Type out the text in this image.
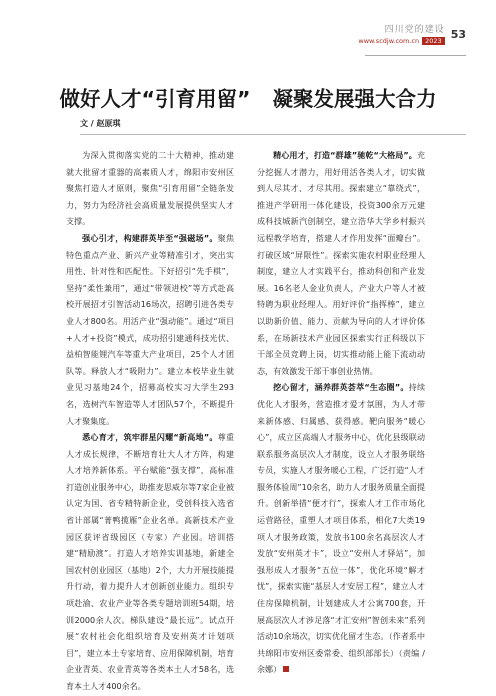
四川党的建设
www.scdjw.com.cn 2023 53
做好人才“引育用留” 凝聚发展强大合力
文 / 赵原琪

为深入贯彻落实党的二十大精神，推动建就大批留才重器的高素质人才，绵阳市安州区聚焦打造人才原则，聚焦“引育用留”全链条发力，努力为经济社会高质量发展提供坚实人才支撑。

强心引才，构建群英毕至“强磁场”。聚焦特色重点产业、新兴产业等精准引才，突出实用性、针对性和匹配性。下好招引“先手棋”，坚持“柔性兼用”，通过“带领进校”等方式赴高校开展招才引智活动16场次，招聘引进各类专业人才800名。用活产业“强动能”。通过“项目+人才+投资”模式，成功招引建通科技光伏、益柏智能锂汽车等重大产业项目，25个人才团队等。释放人才“吸附力”。建立本校毕业生就业见习基地24个，招募高校实习大学生293名，选树汽车智造等人才团队57个，不断提升人才聚集度。

悉心育才，筑牢群星闪耀“新高地”。尊重人才成长规律，不断培育壮大人才方阵，构建人才培养新体系。平台赋能“强支撑”，高标准打造创业服务中心，助推麦思威尔等7家企业被认定为国、省专精特新企业，受创科技入选省省计部属“菁鸭揽雁”企业名单。高新技术产业园区获评省级园区（专家）产业园。培训搭建“精励渡”。打造人才培养实训基地，新建全国农村创业园区（基地）2个，大力开展技能提升行动，着力提升人才创新创业能力。组织专项赴渝、农业产业等各类专题培训班54期，培训2000余人次。梯队建设“最长远”。试点开展“农村社会化组织培育及安州英才计划项目”，建立本土专家培育、应用保障机制，培育企业青英、农业青英等各类本土人才58名，选育本土人才400余名。

精心用才，打造“群雄”驰乾“大格局”。充分挖掘人才潜力，用好用活各类人才，切实做到人尽其才、才尽其用。探索建立“靠绕式”，推进产学研用一体化建设，投资300余万元建成科技城新汽创制空，建立浩华大学乡村振兴远程教学培育，搭建人才作用发挥“面瓣台”。打破区域“屏限性”。探索实施农村职业经理人制度，建立人才实践平台，推动科创和产业发展。16名老人金业负责人，产业大户等人才被特聘为职业经理人。用好评价“指挥棒”，建立以助新价值、能力、贡献为导向的人才评价体系，在场新技术产业园区探索实行正科级以下干部全员竞聘上岗，切实推动能上能下流动动态，有效激发干部干事创业热情。

挖心留才，涵养群英荟萃“生态圈”。持续优化人才服务，营造推才爱才氛围，为人才带来新体感、归属感、获得感。靶向服务“暖心心”，成立区高端人才服务中心，优化县级联动联系服务高层次人才制度，设立人才服务联络专员，实施人才服务暖心工程，广泛打造“人才服务体验周”10余名，助力人才服务质量全面提升。创新举措“便才行”，探索人才工作市场化运营路径，重塑人才项目体系，相化7大类19项人才服务政策，发放书100余名高层次人才发放“安州英才卡”，设立“安州人才驿站”，加强形成人才服务“五位一体”，优化环境“解才忧”，探索实施“基层人才安居工程”，建立人才住房保障机制，计划建成人才公寓700套，开展高层次人才涉足落“才汇安州”智创未来”系列活动10余场次，切实优化留才生态。（作者系中共绵阳市安州区委常委、组织部部长）（责编 / 余娜）
